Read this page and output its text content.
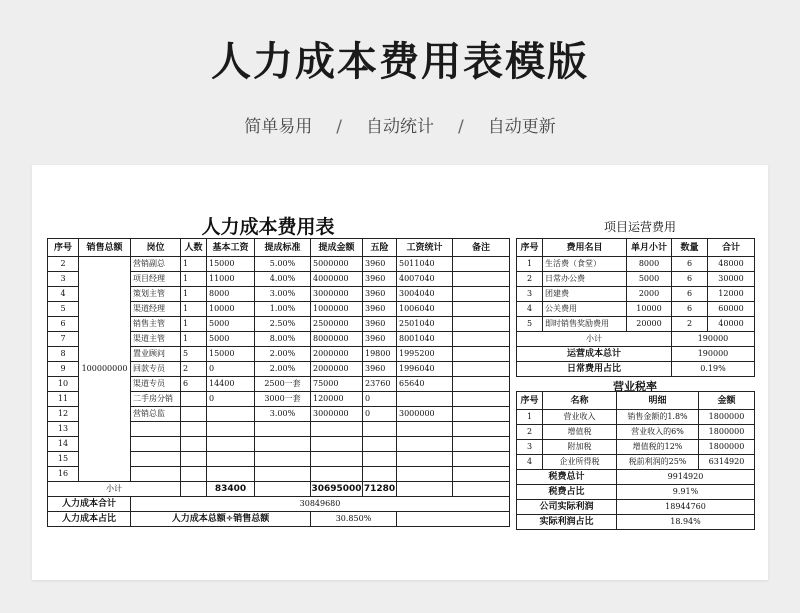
人力成本费用表模版
简单易用 / 自动统计 / 自动更新
人力成本费用表	项目运营费用
序号	销售总额	岗位	人数	基本工资	提成标准	提成金额	五险	工资统计	备注
2	100000000	营销副总	1	15000	5.00%	5000000	3960	5011040	
3		项目经理	1	11000	4.00%	4000000	3960	4007040	
4		策划主管	1	8000	3.00%	3000000	3960	3004040	
5		渠道经理	1	10000	1.00%	1000000	3960	1006040	
6		销售主管	1	5000	2.50%	2500000	3960	2501040	
7		渠道主管	1	5000	8.00%	8000000	3960	8001040	
8		置业顾问	5	15000	2.00%	2000000	19800	1995200	
9		回款专员	2	0	2.00%	2000000	3960	1996040	
10		渠道专员	6	14400	2500一套	75000	23760	65640	
11		二手房分销		0	3000一套	120000	0		
12		营销总监			3.00%	3000000	0	3000000	
13									
14									
15									
16									
小计				83400		30695000	71280		
人力成本合计		30849680							
人力成本占比		人力成本总额÷销售总额				30.850%			
序号	费用名目	单月小计	数量	合计
1	生活费（食堂）	8000	6	48000
2	日常办公费	5000	6	30000
3	团建费	2000	6	12000
4	公关费用	10000	6	60000
5	即时销售奖励费用	20000	2	40000
小计			190000	
运营成本总计			190000	
日常费用占比			0.19%	
营业税率
序号	名称	明细	金额
1	营业收入	销售金额的1.8%	1800000
2	增值税	营业收入的6%	1800000
3	附加税	增值税的12%	1800000
4	企业所得税	税前利润的25%	6314920
税费总计		9914920	
税费占比		9.91%	
公司实际利润		18944760	
实际利润占比		18.94%	
